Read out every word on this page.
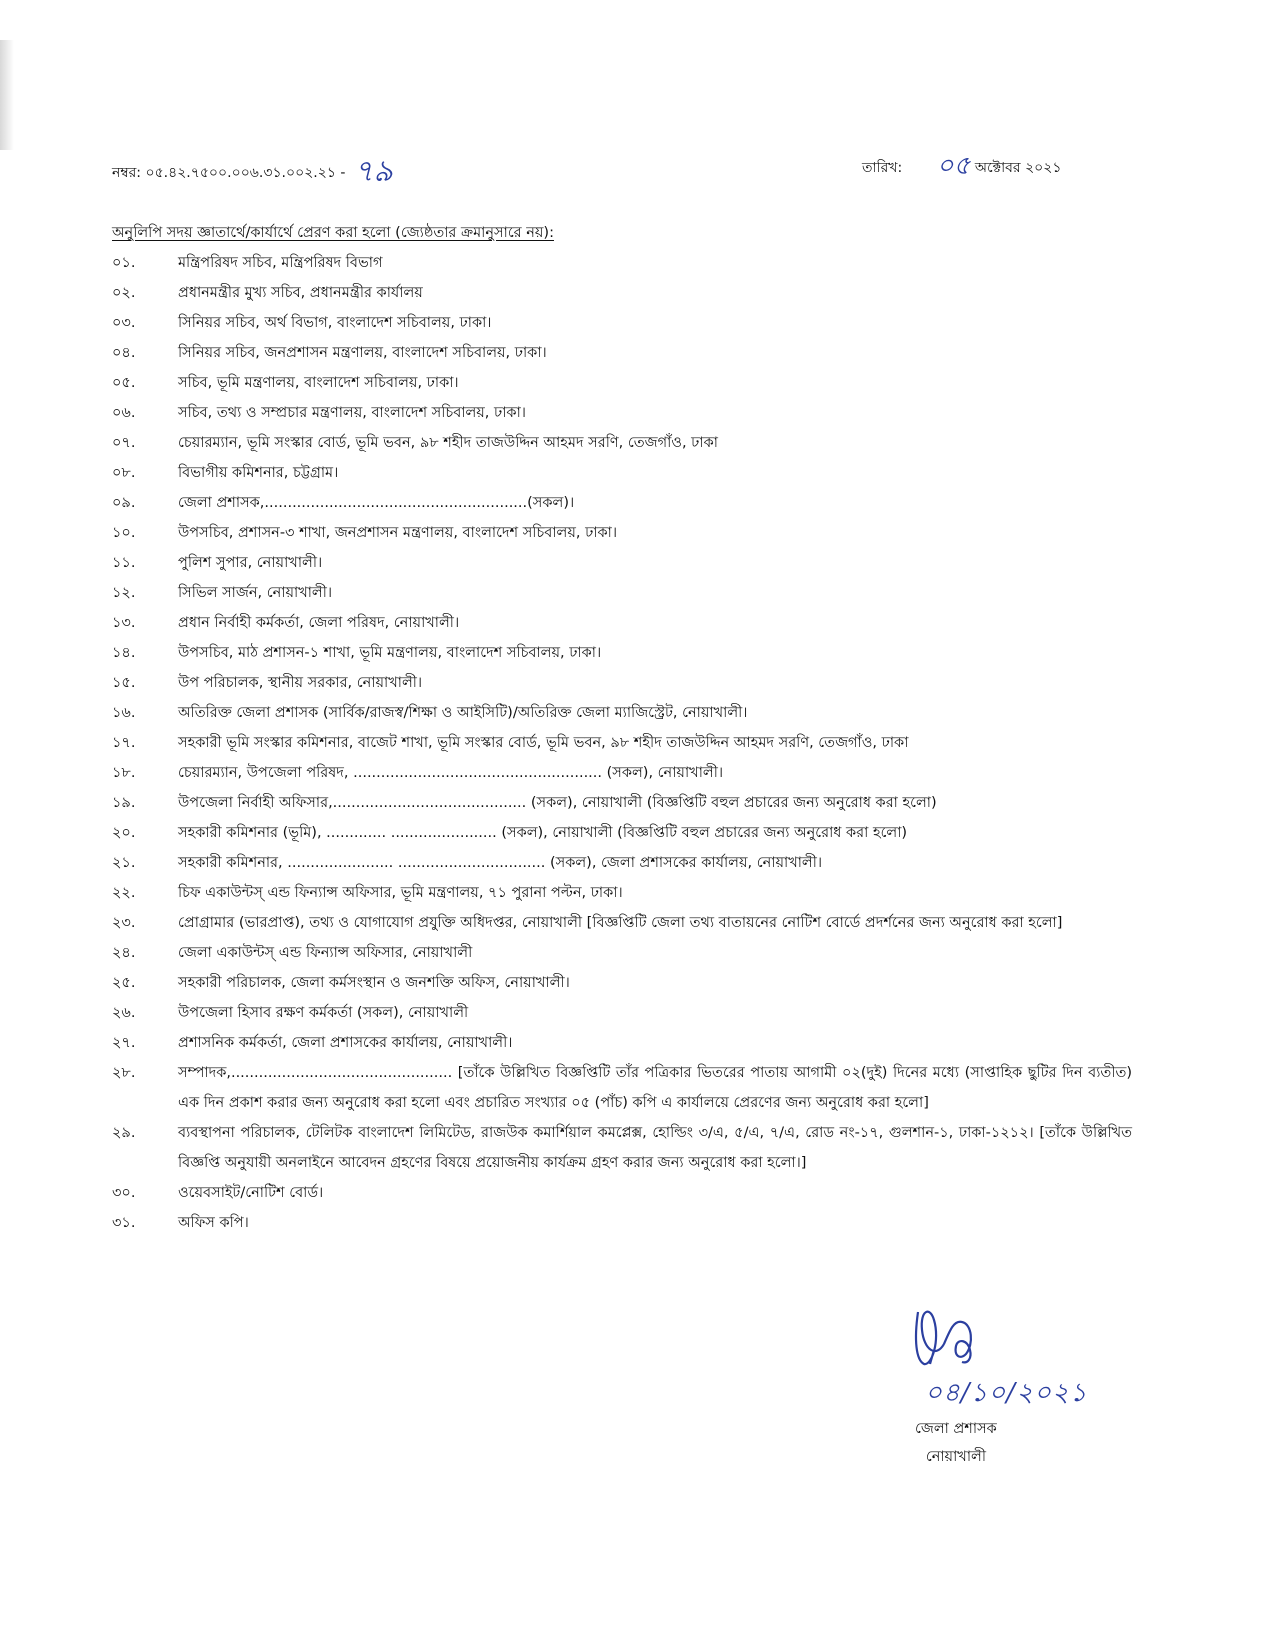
নম্বর: ০৫.৪২.৭৫০০.০০৬.৩১.০০২.২১ - ৭৯	তারিখ: ০৫ অক্টোবর ২০২১
অনুলিপি সদয় জ্ঞাতার্থে/কার্যার্থে প্রেরণ করা হলো (জ্যেষ্ঠতার ক্রমানুসারে নয়):
০১.	মন্ত্রিপরিষদ সচিব, মন্ত্রিপরিষদ বিভাগ
০২.	প্রধানমন্ত্রীর মুখ্য সচিব, প্রধানমন্ত্রীর কার্যালয়
০৩.	সিনিয়র সচিব, অর্থ বিভাগ, বাংলাদেশ সচিবালয়, ঢাকা।
০৪.	সিনিয়র সচিব, জনপ্রশাসন মন্ত্রণালয়, বাংলাদেশ সচিবালয়, ঢাকা।
০৫.	সচিব, ভূমি মন্ত্রণালয়, বাংলাদেশ সচিবালয়, ঢাকা।
০৬.	সচিব, তথ্য ও সম্প্রচার মন্ত্রণালয়, বাংলাদেশ সচিবালয়, ঢাকা।
০৭.	চেয়ারম্যান, ভূমি সংস্কার বোর্ড, ভূমি ভবন, ৯৮ শহীদ তাজউদ্দিন আহমদ সরণি, তেজগাঁও, ঢাকা
০৮.	বিভাগীয় কমিশনার, চট্টগ্রাম।
০৯.	জেলা প্রশাসক,.........................................................(সকল)।
১০.	উপসচিব, প্রশাসন-৩ শাখা, জনপ্রশাসন মন্ত্রণালয়, বাংলাদেশ সচিবালয়, ঢাকা।
১১.	পুলিশ সুপার, নোয়াখালী।
১২.	সিভিল সার্জন, নোয়াখালী।
১৩.	প্রধান নির্বাহী কর্মকর্তা, জেলা পরিষদ, নোয়াখালী।
১৪.	উপসচিব, মাঠ প্রশাসন-১ শাখা, ভূমি মন্ত্রণালয়, বাংলাদেশ সচিবালয়, ঢাকা।
১৫.	উপ পরিচালক, স্থানীয় সরকার, নোয়াখালী।
১৬.	অতিরিক্ত জেলা প্রশাসক (সার্বিক/রাজস্ব/শিক্ষা ও আইসিটি)/অতিরিক্ত জেলা ম্যাজিস্ট্রেট, নোয়াখালী।
১৭.	সহকারী ভূমি সংস্কার কমিশনার, বাজেট শাখা, ভূমি সংস্কার বোর্ড, ভূমি ভবন, ৯৮ শহীদ তাজউদ্দিন আহমদ সরণি, তেজগাঁও, ঢাকা
১৮.	চেয়ারম্যান, উপজেলা পরিষদ, ...................................................... (সকল), নোয়াখালী।
১৯.	উপজেলা নির্বাহী অফিসার,.......................................... (সকল), নোয়াখালী (বিজ্ঞপ্তিটি বহুল প্রচারের জন্য অনুরোধ করা হলো)
২০.	সহকারী কমিশনার (ভূমি), ............. ....................... (সকল), নোয়াখালী (বিজ্ঞপ্তিটি বহুল প্রচারের জন্য অনুরোধ করা হলো)
২১.	সহকারী কমিশনার, ....................... ................................ (সকল), জেলা প্রশাসকের কার্যালয়, নোয়াখালী।
২২.	চিফ একাউন্টস্ এন্ড ফিন্যান্স অফিসার, ভূমি মন্ত্রণালয়, ৭১ পুরানা পল্টন, ঢাকা।
২৩.	প্রোগ্রামার (ভারপ্রাপ্ত), তথ্য ও যোগাযোগ প্রযুক্তি অধিদপ্তর, নোয়াখালী [বিজ্ঞপ্তিটি জেলা তথ্য বাতায়নের নোটিশ বোর্ডে প্রদর্শনের জন্য অনুরোধ করা হলো]
২৪.	জেলা একাউন্টস্ এন্ড ফিন্যান্স অফিসার, নোয়াখালী
২৫.	সহকারী পরিচালক, জেলা কর্মসংস্থান ও জনশক্তি অফিস, নোয়াখালী।
২৬.	উপজেলা হিসাব রক্ষণ কর্মকর্তা (সকল), নোয়াখালী
২৭.	প্রশাসনিক কর্মকর্তা, জেলা প্রশাসকের কার্যালয়, নোয়াখালী।
২৮.	সম্পাদক,................................................ [তাঁকে উল্লিখিত বিজ্ঞপ্তিটি তাঁর পত্রিকার ভিতরের পাতায় আগামী ০২(দুই) দিনের মধ্যে (সাপ্তাহিক ছুটির দিন ব্যতীত) এক দিন প্রকাশ করার জন্য অনুরোধ করা হলো এবং প্রচারিত সংখ্যার ০৫ (পাঁচ) কপি এ কার্যালয়ে প্রেরণের জন্য অনুরোধ করা হলো]
২৯.	ব্যবস্থাপনা পরিচালক, টেলিটক বাংলাদেশ লিমিটেড, রাজউক কমার্শিয়াল কমপ্লেক্স, হোল্ডিং ৩/এ, ৫/এ, ৭/এ, রোড নং-১৭, গুলশান-১, ঢাকা-১২১২। [তাঁকে উল্লিখিত বিজ্ঞপ্তি অনুযায়ী অনলাইনে আবেদন গ্রহণের বিষয়ে প্রয়োজনীয় কার্যক্রম গ্রহণ করার জন্য অনুরোধ করা হলো।]
৩০.	ওয়েবসাইট/নোটিশ বোর্ড।
৩১.	অফিস কপি।
০৪/১০/২০২১
জেলা প্রশাসক
নোয়াখালী
